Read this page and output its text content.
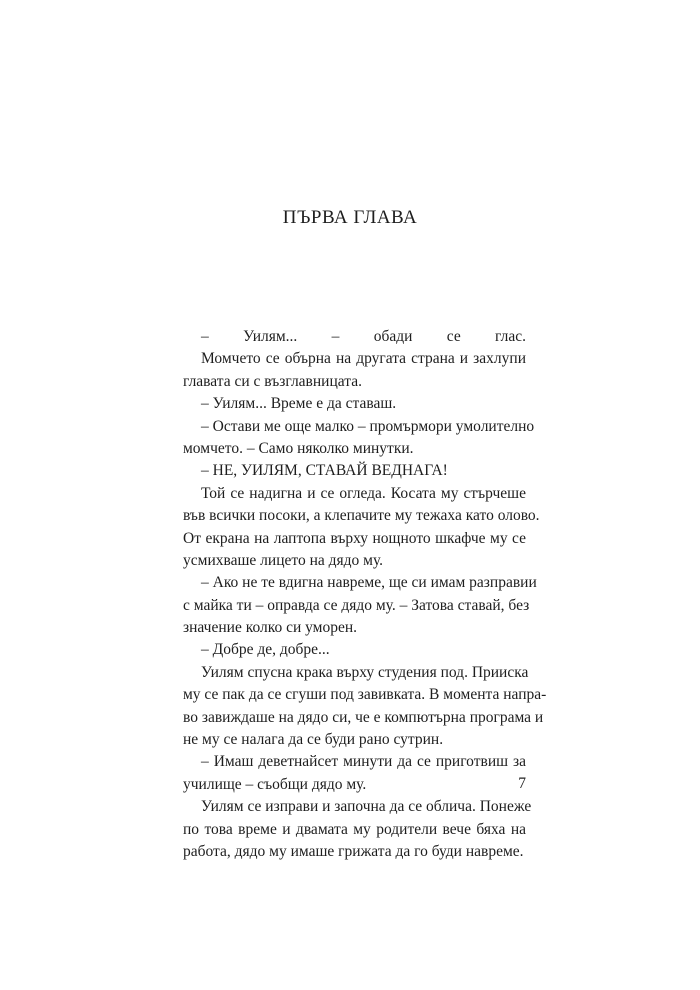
ПЪРВА ГЛАВА
– Уилям... – обади се глас.
Момчето се обърна на другата страна и захлупи
главата си с възглавницата.
– Уилям... Време е да ставаш.
– Остави ме още малко – промърмори умолително
момчето. – Само няколко минутки.
– НЕ, УИЛЯМ, СТАВАЙ ВЕДНАГА!
Той се надигна и се огледа. Косата му стърчеше
във всички посоки, а клепачите му тежаха като олово.
От екрана на лаптопа върху нощното шкафче му се
усмихваше лицето на дядо му.
– Ако не те вдигна навреме, ще си имам разправии
с майка ти – оправда се дядо му. – Затова ставай, без
значение колко си уморен.
– Добре де, добре...
Уилям спусна крака върху студения под. Прииска
му се пак да се сгуши под завивката. В момента напра-
во завиждаше на дядо си, че е компютърна програма и
не му се налага да се буди рано сутрин.
– Имаш деветнайсет минути да се приготвиш за
училище – съобщи дядо му.
Уилям се изправи и започна да се облича. Понеже
по това време и двамата му родители вече бяха на
работа, дядо му имаше грижата да го буди навреме.
7
